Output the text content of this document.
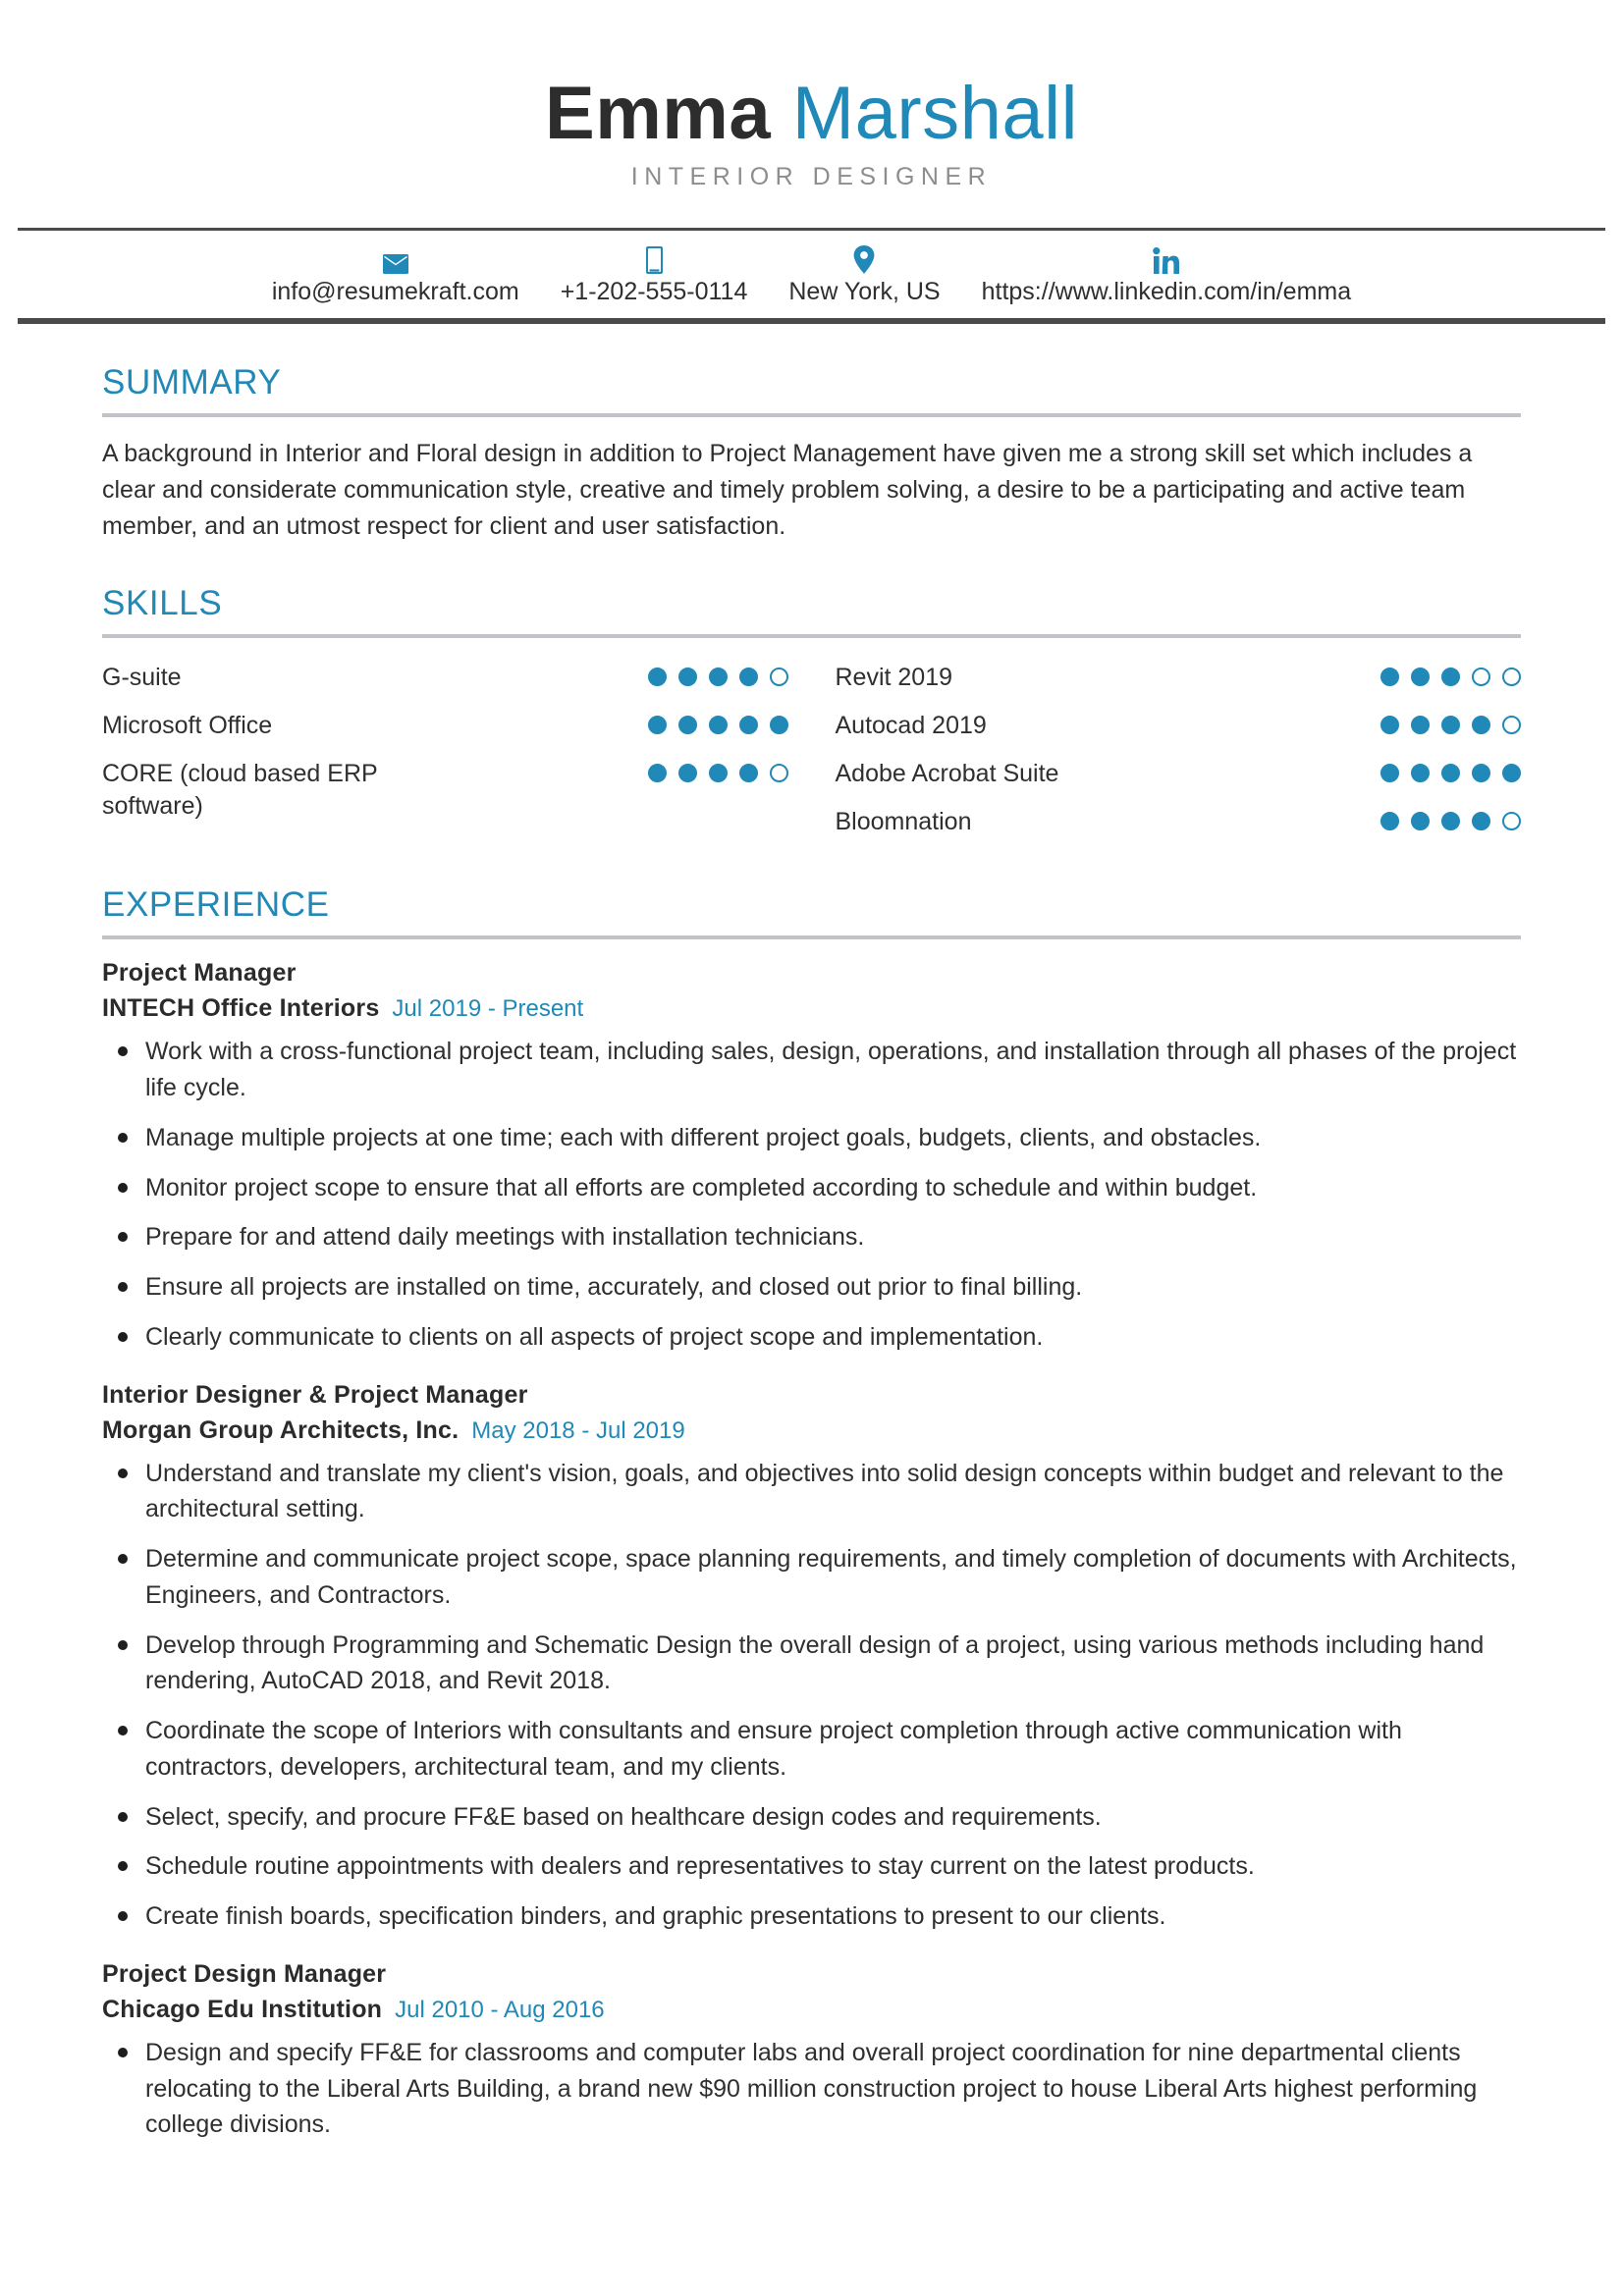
Emma Marshall
INTERIOR DESIGNER
info@resumekraft.com +1-202-555-0114 New York, US https://www.linkedin.com/in/emma
SUMMARY

A background in Interior and Floral design in addition to Project Management have given me a strong skill set which includes a clear and considerate communication style, creative and timely problem solving, a desire to be a participating and active team member, and an utmost respect for client and user satisfaction.

SKILLS
G-suite
Microsoft Office
CORE (cloud based ERP software)
Revit 2019
Autocad 2019
Adobe Acrobat Suite
Bloomnation
EXPERIENCE
Project Manager
INTECH Office Interiors Jul 2019 - Present
Work with a cross-functional project team, including sales, design, operations, and installation through all phases of the project life cycle.
Manage multiple projects at one time; each with different project goals, budgets, clients, and obstacles.
Monitor project scope to ensure that all efforts are completed according to schedule and within budget.
Prepare for and attend daily meetings with installation technicians.
Ensure all projects are installed on time, accurately, and closed out prior to final billing.
Clearly communicate to clients on all aspects of project scope and implementation.
Interior Designer & Project Manager
Morgan Group Architects, Inc. May 2018 - Jul 2019
Understand and translate my client's vision, goals, and objectives into solid design concepts within budget and relevant to the architectural setting.
Determine and communicate project scope, space planning requirements, and timely completion of documents with Architects, Engineers, and Contractors.
Develop through Programming and Schematic Design the overall design of a project, using various methods including hand rendering, AutoCAD 2018, and Revit 2018.
Coordinate the scope of Interiors with consultants and ensure project completion through active communication with contractors, developers, architectural team, and my clients.
Select, specify, and procure FF&E based on healthcare design codes and requirements.
Schedule routine appointments with dealers and representatives to stay current on the latest products.
Create finish boards, specification binders, and graphic presentations to present to our clients.
Project Design Manager
Chicago Edu Institution Jul 2010 - Aug 2016
Design and specify FF&E for classrooms and computer labs and overall project coordination for nine departmental clients relocating to the Liberal Arts Building, a brand new $90 million construction project to house Liberal Arts highest performing college divisions.
